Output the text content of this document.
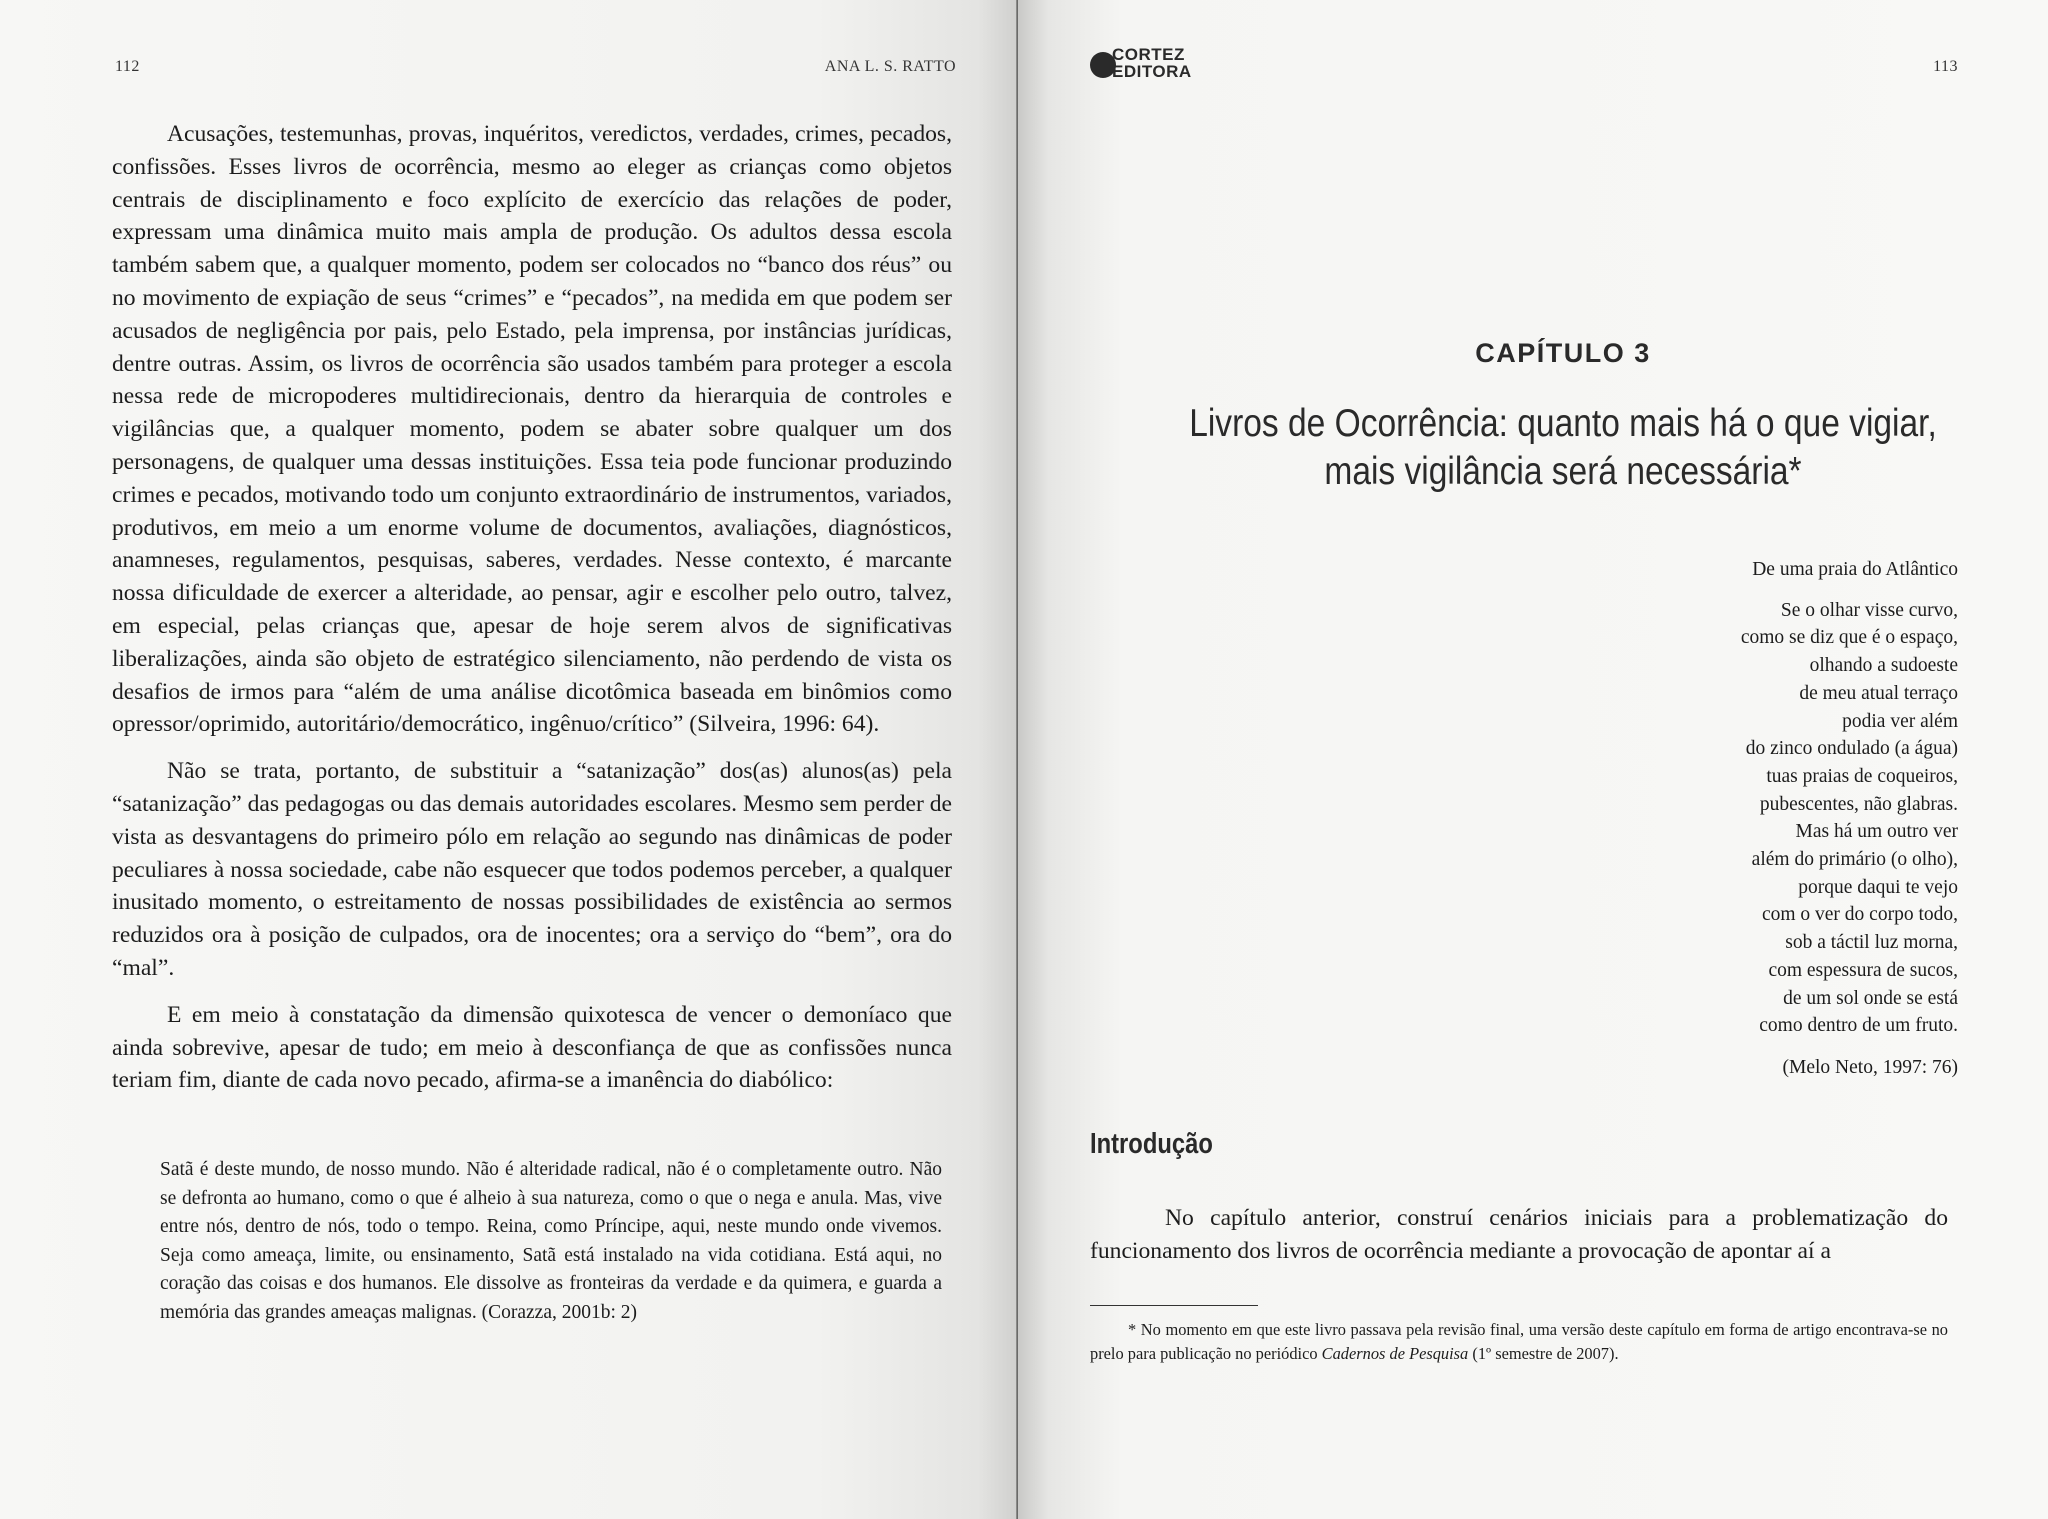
112	ANA L. S. RATTO

Acusações, testemunhas, provas, inquéritos, veredictos, verdades, crimes, pecados, confissões. Esses livros de ocorrência, mesmo ao eleger as crianças como objetos centrais de disciplinamento e foco explícito de exercício das relações de poder, expressam uma dinâmica muito mais ampla de produção. Os adultos dessa escola também sabem que, a qualquer momento, podem ser colocados no “banco dos réus” ou no movimento de expiação de seus “crimes” e “pecados”, na medida em que podem ser acusados de negligência por pais, pelo Estado, pela imprensa, por instâncias jurídicas, dentre outras. Assim, os livros de ocorrência são usados também para proteger a escola nessa rede de micropoderes multidirecionais, dentro da hierarquia de controles e vigilâncias que, a qualquer momento, podem se abater sobre qualquer um dos personagens, de qualquer uma dessas instituições. Essa teia pode funcionar produzindo crimes e pecados, motivando todo um conjunto extraordinário de instrumentos, variados, produtivos, em meio a um enorme volume de documentos, avaliações, diagnósticos, anamneses, regulamentos, pesquisas, saberes, verdades. Nesse contexto, é marcante nossa dificuldade de exercer a alteridade, ao pensar, agir e escolher pelo outro, talvez, em especial, pelas crianças que, apesar de hoje serem alvos de significativas liberalizações, ainda são objeto de estratégico silenciamento, não perdendo de vista os desafios de irmos para “além de uma análise dicotômica baseada em binômios como opressor/oprimido, autoritário/democrático, ingênuo/crítico” (Silveira, 1996: 64).

Não se trata, portanto, de substituir a “satanização” dos(as) alunos(as) pela “satanização” das pedagogas ou das demais autoridades escolares. Mesmo sem perder de vista as desvantagens do primeiro pólo em relação ao segundo nas dinâmicas de poder peculiares à nossa sociedade, cabe não esquecer que todos podemos perceber, a qualquer inusitado momento, o estreitamento de nossas possibilidades de existência ao sermos reduzidos ora à posição de culpados, ora de inocentes; ora a serviço do “bem”, ora do “mal”.

E em meio à constatação da dimensão quixotesca de vencer o demoníaco que ainda sobrevive, apesar de tudo; em meio à desconfiança de que as confissões nunca teriam fim, diante de cada novo pecado, afirma-se a imanência do diabólico:

Satã é deste mundo, de nosso mundo. Não é alteridade radical, não é o completamente outro. Não se defronta ao humano, como o que é alheio à sua natureza, como o que o nega e anula. Mas, vive entre nós, dentro de nós, todo o tempo. Reina, como Príncipe, aqui, neste mundo onde vivemos. Seja como ameaça, limite, ou ensinamento, Satã está instalado na vida cotidiana. Está aqui, no coração das coisas e dos humanos. Ele dissolve as fronteiras da verdade e da quimera, e guarda a memória das grandes ameaças malignas. (Corazza, 2001b: 2)

CORTEZ
EDITORA	113
CAPÍTULO 3
Livros de Ocorrência: quanto mais há o que vigiar,
mais vigilância será necessária*
De uma praia do Atlântico
Se o olhar visse curvo,
como se diz que é o espaço,
olhando a sudoeste
de meu atual terraço
podia ver além
do zinco ondulado (a água)
tuas praias de coqueiros,
pubescentes, não glabras.
Mas há um outro ver
além do primário (o olho),
porque daqui te vejo
com o ver do corpo todo,
sob a táctil luz morna,
com espessura de sucos,
de um sol onde se está
como dentro de um fruto.
(Melo Neto, 1997: 76)
Introdução

No capítulo anterior, construí cenários iniciais para a problematização do funcionamento dos livros de ocorrência mediante a provocação de apontar aí a

* No momento em que este livro passava pela revisão final, uma versão deste capítulo em forma de artigo encontrava-se no prelo para publicação no periódico Cadernos de Pesquisa (1º semestre de 2007).
